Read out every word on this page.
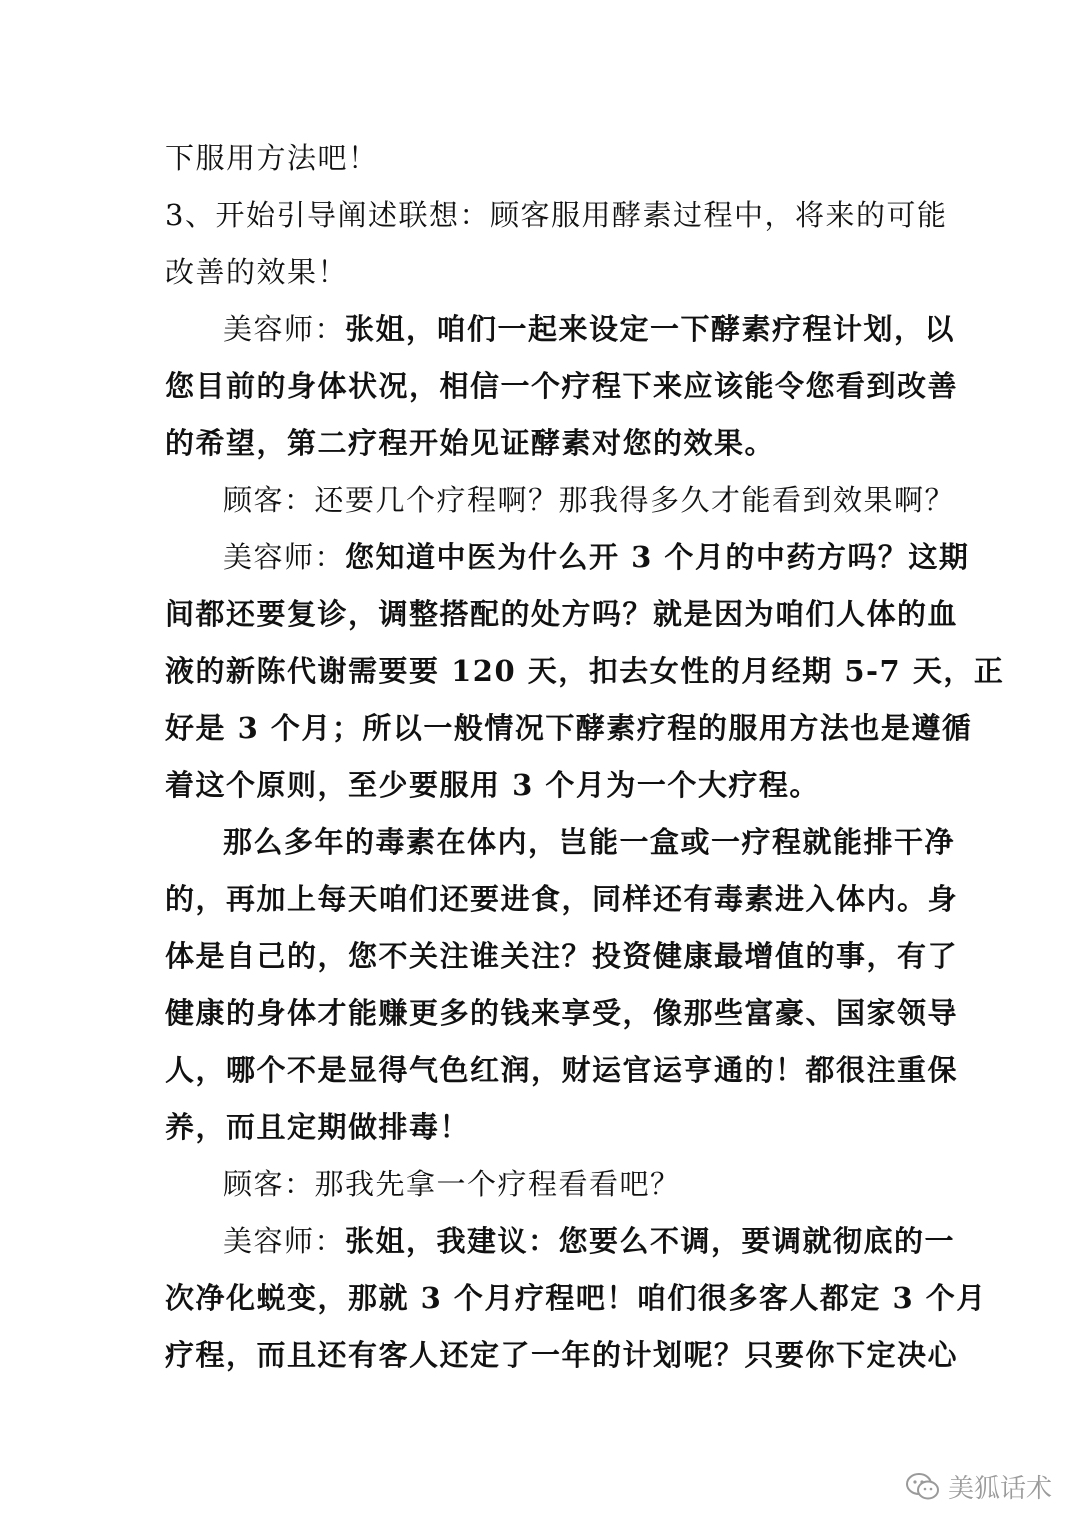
下服用方法吧！
3、开始引导阐述联想：顾客服用酵素过程中，将来的可能
改善的效果！
美容师：张姐，咱们一起来设定一下酵素疗程计划，以
您目前的身体状况，相信一个疗程下来应该能令您看到改善
的希望，第二疗程开始见证酵素对您的效果。
顾客：还要几个疗程啊？那我得多久才能看到效果啊？
美容师：您知道中医为什么开 3 个月的中药方吗？这期
间都还要复诊，调整搭配的处方吗？就是因为咱们人体的血
液的新陈代谢需要要 120 天，扣去女性的月经期 5-7 天，正
好是 3 个月；所以一般情况下酵素疗程的服用方法也是遵循
着这个原则，至少要服用 3 个月为一个大疗程。
那么多年的毒素在体内，岂能一盒或一疗程就能排干净
的，再加上每天咱们还要进食，同样还有毒素进入体内。身
体是自己的，您不关注谁关注？投资健康最增值的事，有了
健康的身体才能赚更多的钱来享受，像那些富豪、国家领导
人，哪个不是显得气色红润，财运官运亨通的！都很注重保
养，而且定期做排毒！
顾客：那我先拿一个疗程看看吧？
美容师：张姐，我建议：您要么不调，要调就彻底的一
次净化蜕变，那就 3 个月疗程吧！咱们很多客人都定 3 个月
疗程，而且还有客人还定了一年的计划呢？只要你下定决心
美狐话术
